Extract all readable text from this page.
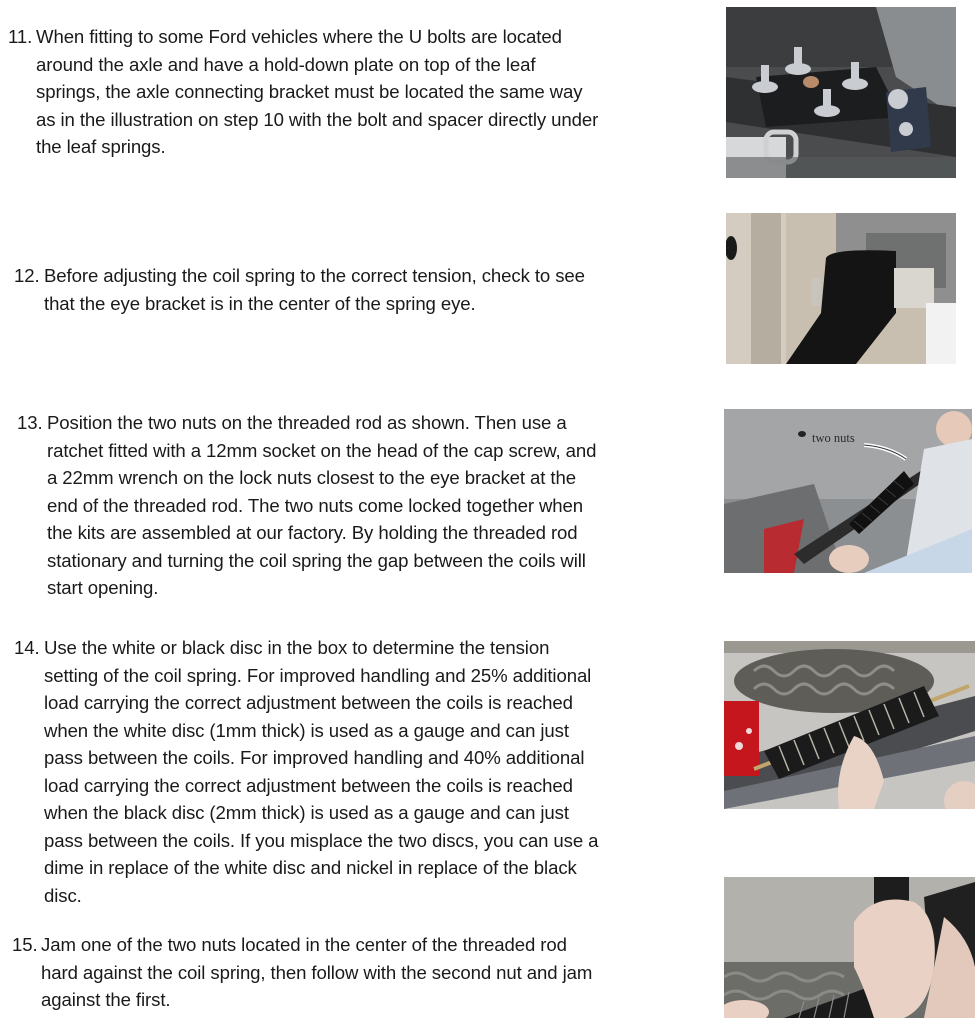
11. When fitting to some Ford vehicles where the U bolts are located
around the axle and have a hold-down plate on top of the leaf
springs, the axle connecting bracket must be located the same way
as in the illustration on step 10 with the bolt and spacer directly under
the leaf springs.
12. Before adjusting the coil spring to the correct tension, check to see
that the eye bracket is in the center of the spring eye.
13. Position the two nuts on the threaded rod as shown. Then use a
ratchet fitted with a 12mm socket on the head of the cap screw, and
a 22mm wrench on the lock nuts closest to the eye bracket at the
end of the threaded rod. The two nuts come locked together when
the kits are assembled at our factory. By holding the threaded rod
stationary and turning the coil spring the gap between the coils will
start opening.
14. Use the white or black disc in the box to determine the tension
setting of the coil spring. For improved handling and 25% additional
load carrying the correct adjustment between the coils is reached
when the white disc (1mm thick) is used as a gauge and can just
pass between the coils. For improved handling and 40% additional
load carrying the correct adjustment between the coils is reached
when the black disc (2mm thick) is used as a gauge and can just
pass between the coils. If you misplace the two discs, you can use a
dime in replace of the white disc and nickel in replace of the black
disc.
15. Jam one of the two nuts located in the center of the threaded rod
hard against the coil spring, then follow with the second nut and jam
against the first.
two nuts
